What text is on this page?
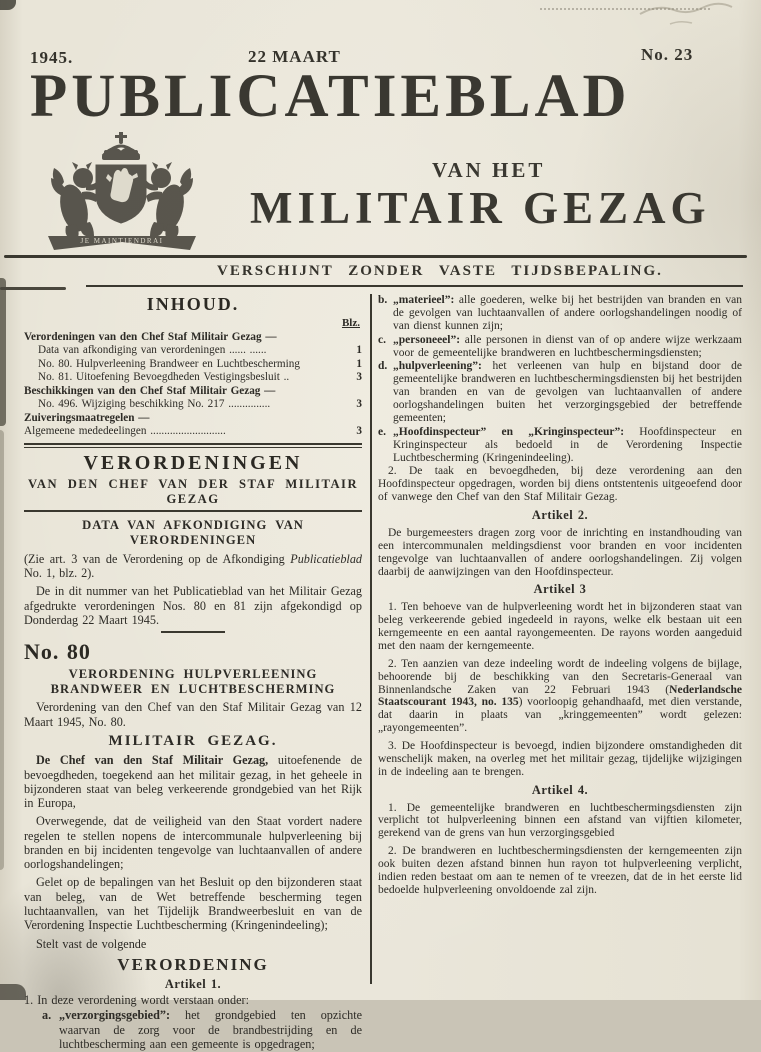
1945.	22 MAART	No. 23
PUBLICATIEBLAD
JE MAINTIENDRAI
VAN HET
MILITAIR GEZAG
VERSCHIJNT ZONDER VASTE TIJDSBEPALING.
INHOUD.
Blz.
Verordeningen van den Chef Staf Militair Gezag —
Data van afkondiging van verordeningen ...... ......	1
No. 80. Hulpverleening Brandweer en Luchtbescherming	1
No. 81. Uitoefening Bevoegdheden Vestigingsbesluit ..	3
Beschikkingen van den Chef Staf Militair Gezag —
No. 496. Wijziging beschikking No. 217 ...............	3
Zuiveringsmaatregelen —
Algemeene mededeelingen ...........................	3
VERORDENINGEN
VAN DEN CHEF VAN DER STAF MILITAIR GEZAG
DATA VAN AFKONDIGING VAN VERORDENINGEN

(Zie art. 3 van de Verordening op de Afkondiging Publicatieblad No. 1, blz. 2).

De in dit nummer van het Publicatieblad van het Militair Gezag afgedrukte verordeningen Nos. 80 en 81 zijn afgekondigd op Donderdag 22 Maart 1945.

No. 80
VERORDENING HULPVERLEENING BRANDWEER EN LUCHTBESCHERMING

Verordening van den Chef van den Staf Militair Gezag van 12 Maart 1945, No. 80.

MILITAIR GEZAG.

De Chef van den Staf Militair Gezag, uitoefenende de bevoegdheden, toegekend aan het militair gezag, in het geheele in bijzonderen staat van beleg verkeerende grondgebied van het Rijk in Europa,

Overwegende, dat de veiligheid van den Staat vordert nadere regelen te stellen nopens de intercommunale hulpverleening bij branden en bij incidenten tengevolge van luchtaanvallen of andere oorlogshandelingen;

Gelet op de bepalingen van het Besluit op den bijzonderen staat van beleg, van de Wet betreffende bescherming tegen luchtaanvallen, van het Tijdelijk Brandweerbesluit en van de Verordening Inspectie Luchtbescherming (Kringenindeeling);

Stelt vast de volgende

VERORDENING
Artikel 1.

1. In deze verordening wordt verstaan onder:

a. „verzorgingsgebied”: het grondgebied ten opzichte waarvan de zorg voor de brandbestrijding en de luchtbescherming aan een gemeente is opgedragen;
b. „materieel”: alle goederen, welke bij het bestrijden van branden en van de gevolgen van luchtaanvallen of andere oorlogshandelingen noodig of van dienst kunnen zijn;
c. „personeeel”: alle personen in dienst van of op andere wijze werkzaam voor de gemeentelijke brandweren en luchtbeschermingsdiensten;
d. „hulpverleening”: het verleenen van hulp en bijstand door de gemeentelijke brandweren en luchtbeschermingsdiensten bij het bestrijden van branden en van de gevolgen van luchtaanvallen of andere oorlogshandelingen buiten het verzorgingsgebied der betreffende gemeenten;
e. „Hoofdinspecteur” en „Kringinspecteur”: Hoofdinspecteur en Kringinspecteur als bedoeld in de Verordening Inspectie Luchtbescherming (Kringenindeeling).

2. De taak en bevoegdheden, bij deze verordening aan den Hoofdinspecteur opgedragen, worden bij diens ontstentenis uitgeoefend door of vanwege den Chef van den Staf Militair Gezag.

Artikel 2.

De burgemeesters dragen zorg voor de inrichting en instandhouding van een intercommunalen meldingsdienst voor branden en voor incidenten tengevolge van luchtaanvallen of andere oorlogshandelingen. Zij volgen daarbij de aanwijzingen van den Hoofdinspecteur.

Artikel 3

1. Ten behoeve van de hulpverleening wordt het in bijzonderen staat van beleg verkeerende gebied ingedeeld in rayons, welke elk bestaan uit een kerngemeente en een aantal rayongemeenten. De rayons worden aangeduid met den naam der kerngemeente.

2. Ten aanzien van deze indeeling wordt de indeeling volgens de bijlage, behoorende bij de beschikking van den Secretaris-Generaal van Binnenlandsche Zaken van 22 Februari 1943 (Nederlandsche Staatscourant 1943, no. 135) voorloopig gehandhaafd, met dien verstande, dat daarin in plaats van „kringgemeenten” wordt gelezen: „rayongemeenten”.

3. De Hoofdinspecteur is bevoegd, indien bijzondere omstandigheden dit wenschelijk maken, na overleg met het militair gezag, tijdelijke wijzigingen in de indeeling aan te brengen.

Artikel 4.

1. De gemeentelijke brandweren en luchtbeschermingsdiensten zijn verplicht tot hulpverleening binnen een afstand van vijftien kilometer, gerekend van de grens van hun verzorgingsgebied

2. De brandweren en luchtbeschermingsdiensten der kerngemeenten zijn ook buiten dezen afstand binnen hun rayon tot hulpverleening verplicht, indien reden bestaat om aan te nemen of te vreezen, dat de in het eerste lid bedoelde hulpverleening onvoldoende zal zijn.
